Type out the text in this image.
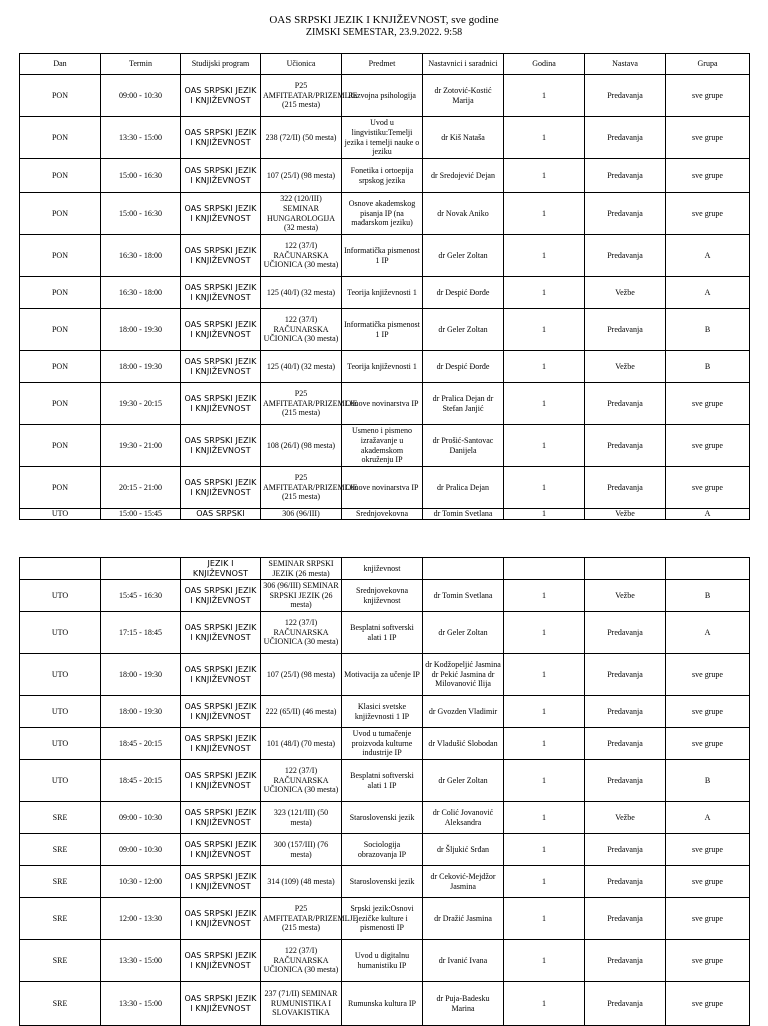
OAS SRPSKI JEZIK I KNJIŽEVNOST, sve godine
ZIMSKI SEMESTAR, 23.9.2022. 9:58
Dan	Termin	Studijski program	Učionica	Predmet	Nastavnici i saradnici	Godina	Nastava	Grupa
PON	09:00 - 10:30	OAS SRPSKI JEZIK I KNJIŽEVNOST	P25 AMFITEATAR/PRIZEMLJE (215 mesta)	Razvojna psihologija	dr Zotović-Kostić Marija	1	Predavanja	sve grupe
PON	13:30 - 15:00	OAS SRPSKI JEZIK I KNJIŽEVNOST	238 (72/II) (50 mesta)	Uvod u lingvistiku:Temelji jezika i temelji nauke o jeziku	dr Kiš Nataša	1	Predavanja	sve grupe
PON	15:00 - 16:30	OAS SRPSKI JEZIK I KNJIŽEVNOST	107 (25/I) (98 mesta)	Fonetika i ortoepija srpskog jezika	dr Sredojević Dejan	1	Predavanja	sve grupe
PON	15:00 - 16:30	OAS SRPSKI JEZIK I KNJIŽEVNOST	322 (120/III) SEMINAR HUNGAROLOGIJA (32 mesta)	Osnove akademskog pisanja IP (na mađarskom jeziku)	dr Novak Aniko	1	Predavanja	sve grupe
PON	16:30 - 18:00	OAS SRPSKI JEZIK I KNJIŽEVNOST	122 (37/I) RAČUNARSKA UČIONICA (30 mesta)	Informatička pismenost 1 IP	dr Geler Zoltan	1	Predavanja	A
PON	16:30 - 18:00	OAS SRPSKI JEZIK I KNJIŽEVNOST	125 (40/I) (32 mesta)	Teorija književnosti 1	dr Despić Đorđe	1	Vežbe	A
PON	18:00 - 19:30	OAS SRPSKI JEZIK I KNJIŽEVNOST	122 (37/I) RAČUNARSKA UČIONICA (30 mesta)	Informatička pismenost 1 IP	dr Geler Zoltan	1	Predavanja	B
PON	18:00 - 19:30	OAS SRPSKI JEZIK I KNJIŽEVNOST	125 (40/I) (32 mesta)	Teorija književnosti 1	dr Despić Đorđe	1	Vežbe	B
PON	19:30 - 20:15	OAS SRPSKI JEZIK I KNJIŽEVNOST	P25 AMFITEATAR/PRIZEMLJE (215 mesta)	Osnove novinarstva IP	dr Pralica Dejan dr Stefan Janjić	1	Predavanja	sve grupe
PON	19:30 - 21:00	OAS SRPSKI JEZIK I KNJIŽEVNOST	108 (26/I) (98 mesta)	Usmeno i pismeno izražavanje u akademskom okruženju IP	dr Prošić-Santovac Danijela	1	Predavanja	sve grupe
PON	20:15 - 21:00	OAS SRPSKI JEZIK I KNJIŽEVNOST	P25 AMFITEATAR/PRIZEMLJE (215 mesta)	Osnove novinarstva IP	dr Pralica Dejan	1	Predavanja	sve grupe
UTO	15:00 - 15:45	OAS SRPSKI	306 (96/III)	Srednjovekovna	dr Tomin Svetlana	1	Vežbe	A
		JEZIK I KNJIŽEVNOST	SEMINAR SRPSKI JEZIK (26 mesta)	književnost				
UTO	15:45 - 16:30	OAS SRPSKI JEZIK I KNJIŽEVNOST	306 (96/III) SEMINAR SRPSKI JEZIK (26 mesta)	Srednjovekovna književnost	dr Tomin Svetlana	1	Vežbe	B
UTO	17:15 - 18:45	OAS SRPSKI JEZIK I KNJIŽEVNOST	122 (37/I) RAČUNARSKA UČIONICA (30 mesta)	Besplatni softverski alati 1 IP	dr Geler Zoltan	1	Predavanja	A
UTO	18:00 - 19:30	OAS SRPSKI JEZIK I KNJIŽEVNOST	107 (25/I) (98 mesta)	Motivacija za učenje IP	dr Kodžopeljić Jasmina dr Pekić Jasmina dr Milovanović Ilija	1	Predavanja	sve grupe
UTO	18:00 - 19:30	OAS SRPSKI JEZIK I KNJIŽEVNOST	222 (65/II) (46 mesta)	Klasici svetske književnosti 1 IP	dr Gvozden Vladimir	1	Predavanja	sve grupe
UTO	18:45 - 20:15	OAS SRPSKI JEZIK I KNJIŽEVNOST	101 (48/I) (70 mesta)	Uvod u tumačenje proizvoda kulturne industrije IP	dr Vladušić Slobodan	1	Predavanja	sve grupe
UTO	18:45 - 20:15	OAS SRPSKI JEZIK I KNJIŽEVNOST	122 (37/I) RAČUNARSKA UČIONICA (30 mesta)	Besplatni softverski alati 1 IP	dr Geler Zoltan	1	Predavanja	B
SRE	09:00 - 10:30	OAS SRPSKI JEZIK I KNJIŽEVNOST	323 (121/III) (50 mesta)	Staroslovenski jezik	dr Colić Jovanović Aleksandra	1	Vežbe	A
SRE	09:00 - 10:30	OAS SRPSKI JEZIK I KNJIŽEVNOST	300 (157/III) (76 mesta)	Sociologija obrazovanja IP	dr Šljukić Srđan	1	Predavanja	sve grupe
SRE	10:30 - 12:00	OAS SRPSKI JEZIK I KNJIŽEVNOST	314 (109) (48 mesta)	Staroslovenski jezik	dr Ceković-Mejdžor Jasmina	1	Predavanja	sve grupe
SRE	12:00 - 13:30	OAS SRPSKI JEZIK I KNJIŽEVNOST	P25 AMFITEATAR/PRIZEMLJE (215 mesta)	Srpski jezik:Osnovi jezičke kulture i pismenosti IP	dr Dražić Jasmina	1	Predavanja	sve grupe
SRE	13:30 - 15:00	OAS SRPSKI JEZIK I KNJIŽEVNOST	122 (37/I) RAČUNARSKA UČIONICA (30 mesta)	Uvod u digitalnu humanistiku IP	dr Ivanić Ivana	1	Predavanja	sve grupe
SRE	13:30 - 15:00	OAS SRPSKI JEZIK I KNJIŽEVNOST	237 (71/II) SEMINAR RUMUNISTIKA I SLOVAKISTIKA	Rumunska kultura IP	dr Puja-Badesku Marina	1	Predavanja	sve grupe
